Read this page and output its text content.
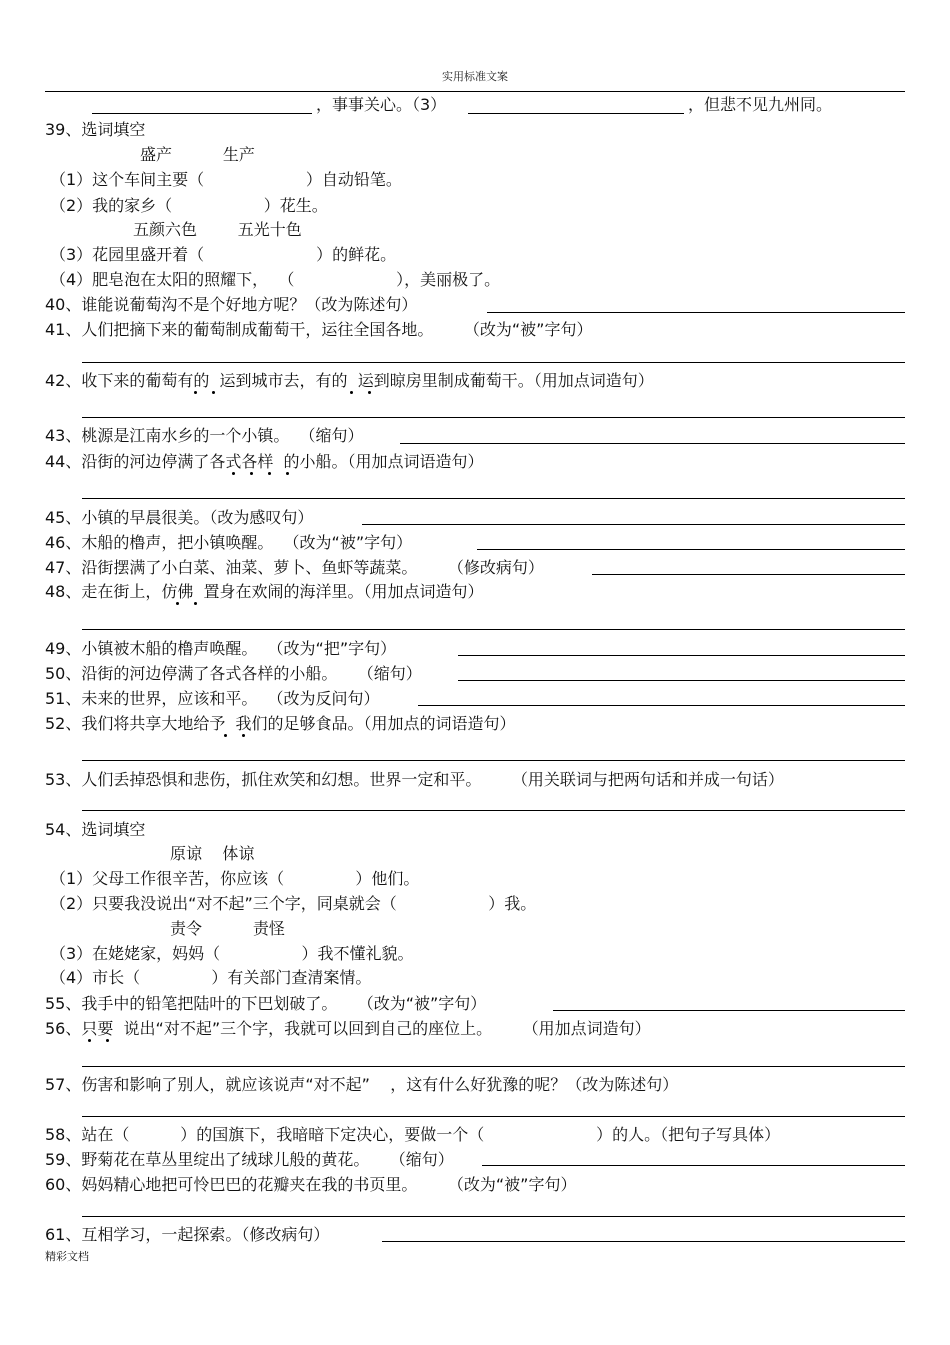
实用标准文案
，事事关心。（3）	，但悲不见九州同。
39、选词填空
盛产          生产
（1）这个车间主要（                    ）自动铅笔。
（2）我的家乡（                  ）花生。
五颜六色        五光十色
（3）花园里盛开着（                      ）的鲜花。
（4）肥皂泡在太阳的照耀下，  （                    ），美丽极了。
40、谁能说葡萄沟不是个好地方呢？（改为陈述句）
41、人们把摘下来的葡萄制成葡萄干，运往全国各地。      （改为“被”字句）
42、收下来的葡萄有的  运到城市去，有的  运到晾房里制成葡萄干。（用加点词造句）
43、桃源是江南水乡的一个小镇。  （缩句）
44、沿街的河边停满了各式各样  的小船。（用加点词语造句）
45、小镇的早晨很美。（改为感叹句）
46、木船的橹声，把小镇唤醒。  （改为“被”字句）
47、沿街摆满了小白菜、油菜、萝卜、鱼虾等蔬菜。      （修改病句）
48、走在街上，仿佛  置身在欢闹的海洋里。（用加点词造句）
49、小镇被木船的橹声唤醒。  （改为“把”字句）
50、沿街的河边停满了各式各样的小船。    （缩句）
51、未来的世界，应该和平。  （改为反问句）
52、我们将共享大地给予  我们的足够食品。（用加点的词语造句）
53、人们丢掉恐惧和悲伤，抓住欢笑和幻想。世界一定和平。      （用关联词与把两句话和并成一句话）
54、选词填空
原谅    体谅
（1）父母工作很辛苦，你应该（              ）他们。
（2）只要我没说出“对不起”三个字，同桌就会（                  ）我。
责令          责怪
（3）在姥姥家，妈妈（                ）我不懂礼貌。
（4）市长（              ）有关部门查清案情。
55、我手中的铅笔把陆叶的下巴划破了。    （改为“被”字句）
56、只要  说出“对不起”三个字，我就可以回到自己的座位上。      （用加点词造句）
57、伤害和影响了别人，就应该说声“对不起”    ，这有什么好犹豫的呢？（改为陈述句）
58、站在（          ）的国旗下，我暗暗下定决心，要做一个（                      ）的人。（把句子写具体）
59、野菊花在草丛里绽出了绒球儿般的黄花。    （缩句）
60、妈妈精心地把可怜巴巴的花瓣夹在我的书页里。      （改为“被”字句）
61、互相学习，一起探索。（修改病句）
精彩文档
